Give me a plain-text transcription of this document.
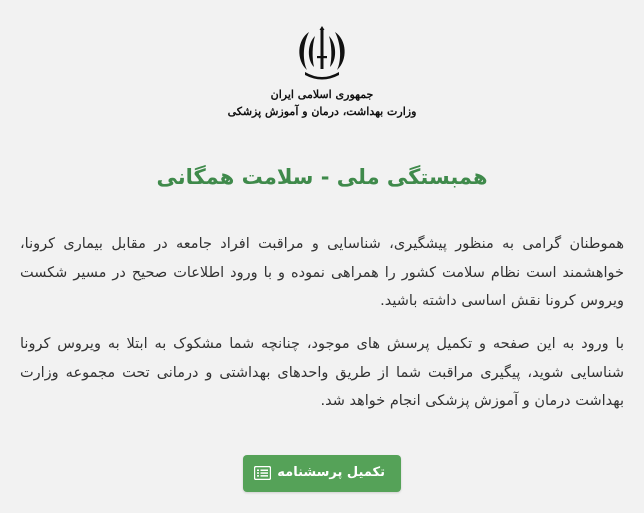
جمهوری اسلامی ایران
وزارت بهداشت، درمان و آموزش پزشکی
همبستگی ملی - سلامت همگانی

هموطنان گرامی به منظور پیشگیری، شناسایی و مراقبت افراد جامعه در مقابل بیماری کرونا، خواهشمند است نظام سلامت کشور را همراهی نموده و با ورود اطلاعات صحیح در مسیر شکست ویروس کرونا نقش اساسی داشته باشید.

با ورود به این صفحه و تکمیل پرسش های موجود، چنانچه شما مشکوک به ابتلا به ویروس کرونا شناسایی شوید، پیگیری مراقبت شما از طریق واحدهای بهداشتی و درمانی تحت مجموعه وزارت بهداشت درمان و آموزش پزشکی انجام خواهد شد.

تکمیل پرسشنامه
